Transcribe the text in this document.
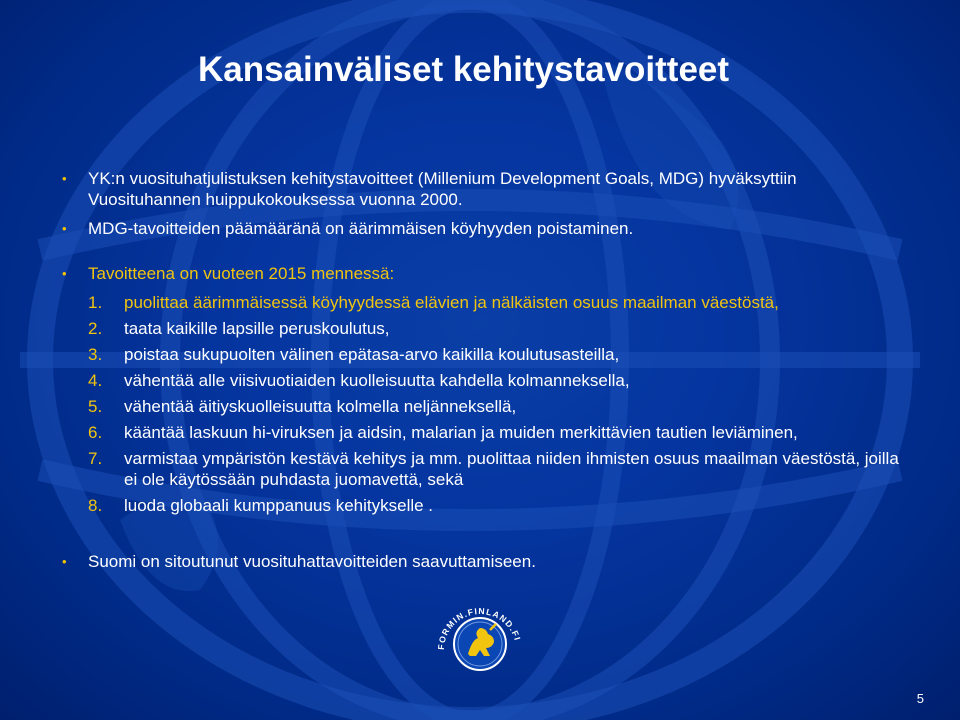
Kansainväliset kehitystavoitteet
• YK:n vuosituhatjulistuksen kehitystavoitteet (Millenium Development Goals, MDG) hyväksyttiin Vuosituhannen huippukokouksessa vuonna 2000.
• MDG-tavoitteiden päämääränä on äärimmäisen köyhyyden poistaminen.
• Tavoitteena on vuoteen 2015 mennessä:
1.	puolittaa äärimmäisessä köyhyydessä elävien ja nälkäisten osuus maailman väestöstä,
2.	taata kaikille lapsille peruskoulutus,
3.	poistaa sukupuolten välinen epätasa-arvo kaikilla koulutusasteilla,
4.	vähentää alle viisivuotiaiden kuolleisuutta kahdella kolmanneksella,
5.	vähentää äitiyskuolleisuutta kolmella neljänneksellä,
6.	kääntää laskuun hi-viruksen ja aidsin, malarian ja muiden merkittävien tautien leviäminen,
7.	varmistaa ympäristön kestävä kehitys ja mm. puolittaa niiden ihmisten osuus maailman väestöstä, joilla ei ole käytössään puhdasta juomavettä, sekä
8.	luoda globaali kumppanuus kehitykselle .
• Suomi on sitoutunut vuosituhattavoitteiden saavuttamiseen.
FORMIN.FINLAND.FI
5
